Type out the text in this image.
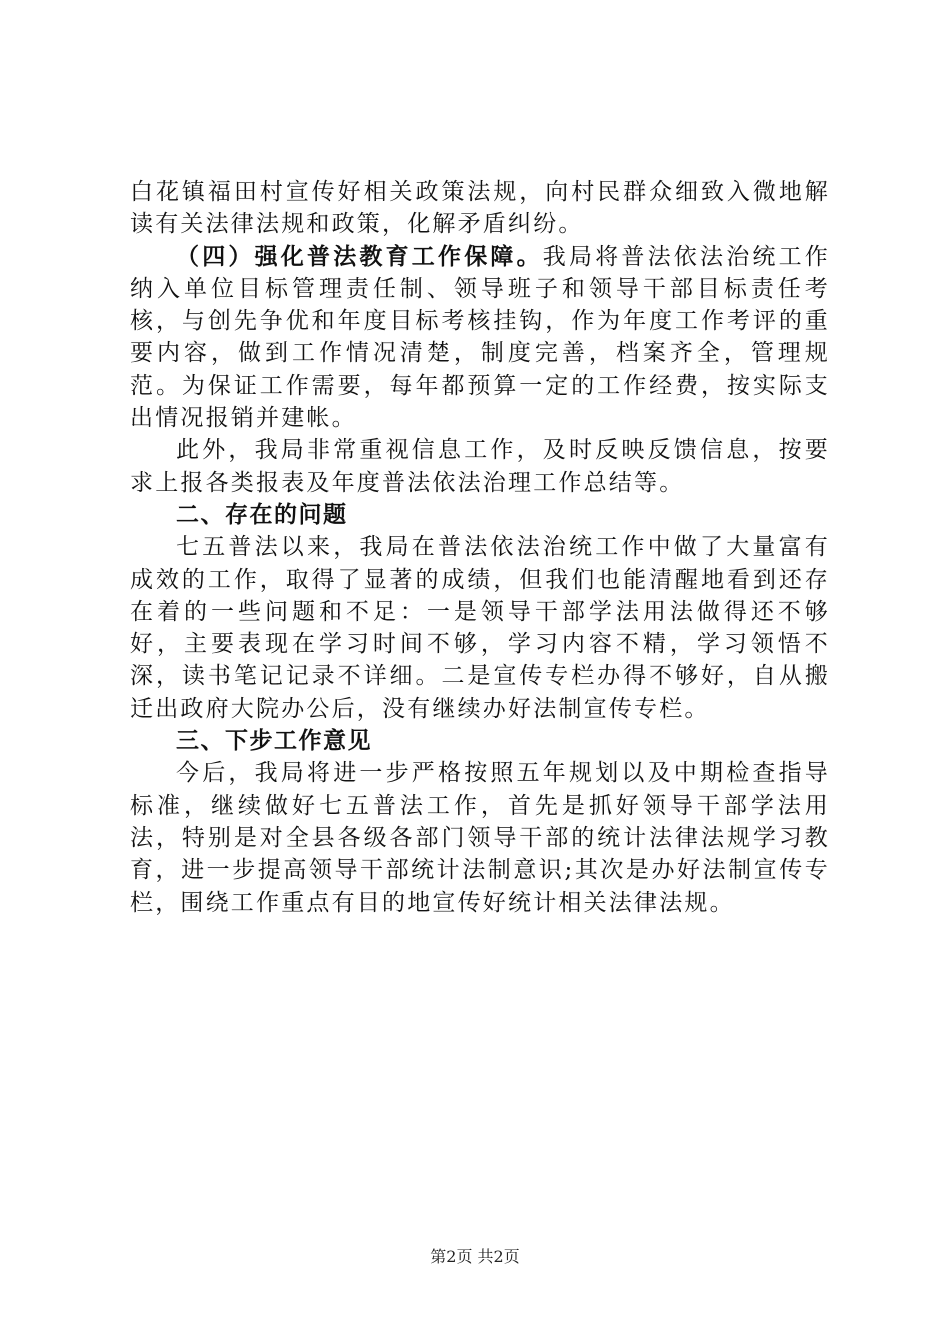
白花镇福田村宣传好相关政策法规，向村民群众细致入微地解读有关法律法规和政策，化解矛盾纠纷。

（四）强化普法教育工作保障。我局将普法依法治统工作纳入单位目标管理责任制、领导班子和领导干部目标责任考核，与创先争优和年度目标考核挂钩，作为年度工作考评的重要内容，做到工作情况清楚，制度完善，档案齐全，管理规范。为保证工作需要，每年都预算一定的工作经费，按实际支出情况报销并建帐。

此外，我局非常重视信息工作，及时反映反馈信息，按要求上报各类报表及年度普法依法治理工作总结等。

二、存在的问题

七五普法以来，我局在普法依法治统工作中做了大量富有成效的工作，取得了显著的成绩，但我们也能清醒地看到还存在着的一些问题和不足：一是领导干部学法用法做得还不够好，主要表现在学习时间不够，学习内容不精，学习领悟不深，读书笔记记录不详细。二是宣传专栏办得不够好，自从搬迁出政府大院办公后，没有继续办好法制宣传专栏。

三、下步工作意见

今后，我局将进一步严格按照五年规划以及中期检查指导标准，继续做好七五普法工作，首先是抓好领导干部学法用法，特别是对全县各级各部门领导干部的统计法律法规学习教育，进一步提高领导干部统计法制意识;其次是办好法制宣传专栏，围绕工作重点有目的地宣传好统计相关法律法规。

第2页 共2页
